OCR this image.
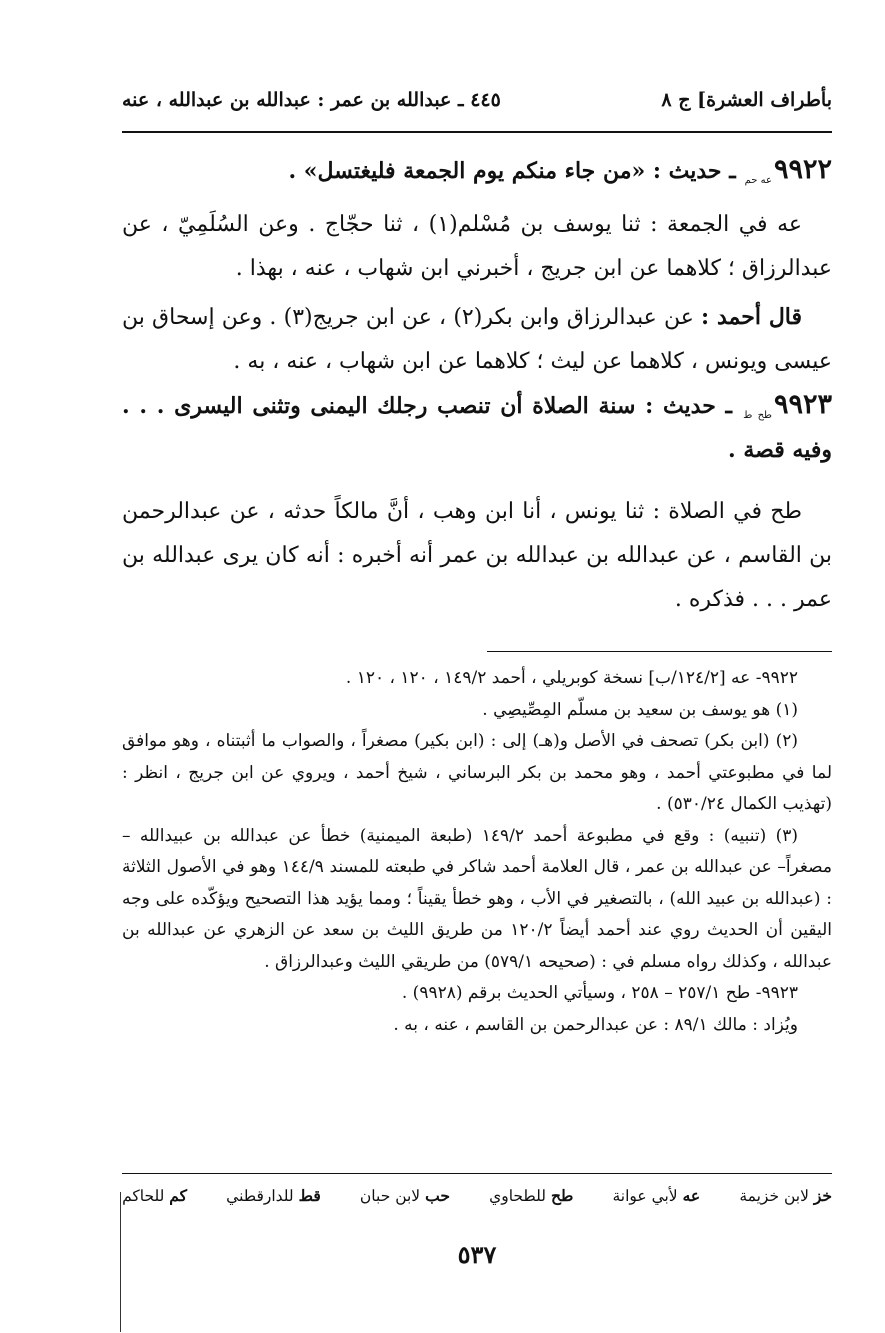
بأطراف العشرة] ج ٨
٤٤٥ ـ عبدالله بن عمر : عبدالله بن عبدالله ، عنه

$٩٩٢٢_{عه حم}$ ـ حديث : «من جاء منكم يوم الجمعة فليغتسل» .

عه في الجمعة : ثنا يوسف بن مُسْلم(١) ، ثنا حجّاج . وعن السُلَمِيّ ، عن عبدالرزاق ؛ كلاهما عن ابن جريج ، أخبرني ابن شهاب ، عنه ، بهذا .

قال أحمد : عن عبدالرزاق وابن بكر(٢) ، عن ابن جريج(٣) . وعن إسحاق بن عيسى ويونس ، كلاهما عن ليث ؛ كلاهما عن ابن شهاب ، عنه ، به .

$٩٩٢٣_{طح ط}$ ـ حديث : سنة الصلاة أن تنصب رجلك اليمنى وتثنى اليسرى . . . وفيه قصة .

طح في الصلاة : ثنا يونس ، أنا ابن وهب ، أنَّ مالكاً حدثه ، عن عبدالرحمن بن القاسم ، عن عبدالله بن عبدالله بن عمر أنه أخبره : أنه كان يرى عبدالله بن عمر . . . فذكره .

٩٩٢٢- عه [١٢٤/٢/ب] نسخة كوبريلي ، أحمد ١٤٩/٢ ، ١٢٠ ، ١٢٠ .

(١) هو يوسف بن سعيد بن مسلّم المِصِّيصِي .

(٢) (ابن بكر) تصحف في الأصل و(هـ) إلى : (ابن بكير) مصغراً ، والصواب ما أثبتناه ، وهو موافق لما في مطبوعتي أحمد ، وهو محمد بن بكر البرساني ، شيخ أحمد ، ويروي عن ابن جريج ، انظر : (تهذيب الكمال ٥٣٠/٢٤) .

(٣) (تنبيه) : وقع في مطبوعة أحمد ١٤٩/٢ (طبعة الميمنية) خطأ عن عبدالله بن عبيدالله – مصغراً– عن عبدالله بن عمر ، قال العلامة أحمد شاكر في طبعته للمسند ١٤٤/٩ وهو في الأصول الثلاثة : (عبدالله بن عبيد الله) ، بالتصغير في الأب ، وهو خطأ يقيناً ؛ ومما يؤيد هذا التصحيح ويؤكّده على وجه اليقين أن الحديث روي عند أحمد أيضاً ١٢٠/٢ من طريق الليث بن سعد عن الزهري عن عبدالله بن عبدالله ، وكذلك رواه مسلم في : (صحيحه ٥٧٩/١) من طريقي الليث وعبدالرزاق .

٩٩٢٣- طح ٢٥٧/١ – ٢٥٨ ، وسيأتي الحديث برقم (٩٩٢٨) .

ويُزاد : مالك ٨٩/١ : عن عبدالرحمن بن القاسم ، عنه ، به .

خز لابن خزيمة
عه لأبي عوانة
طح للطحاوي
حب لابن حبان
قط للدارقطني
كم للحاكم
٥٣٧
